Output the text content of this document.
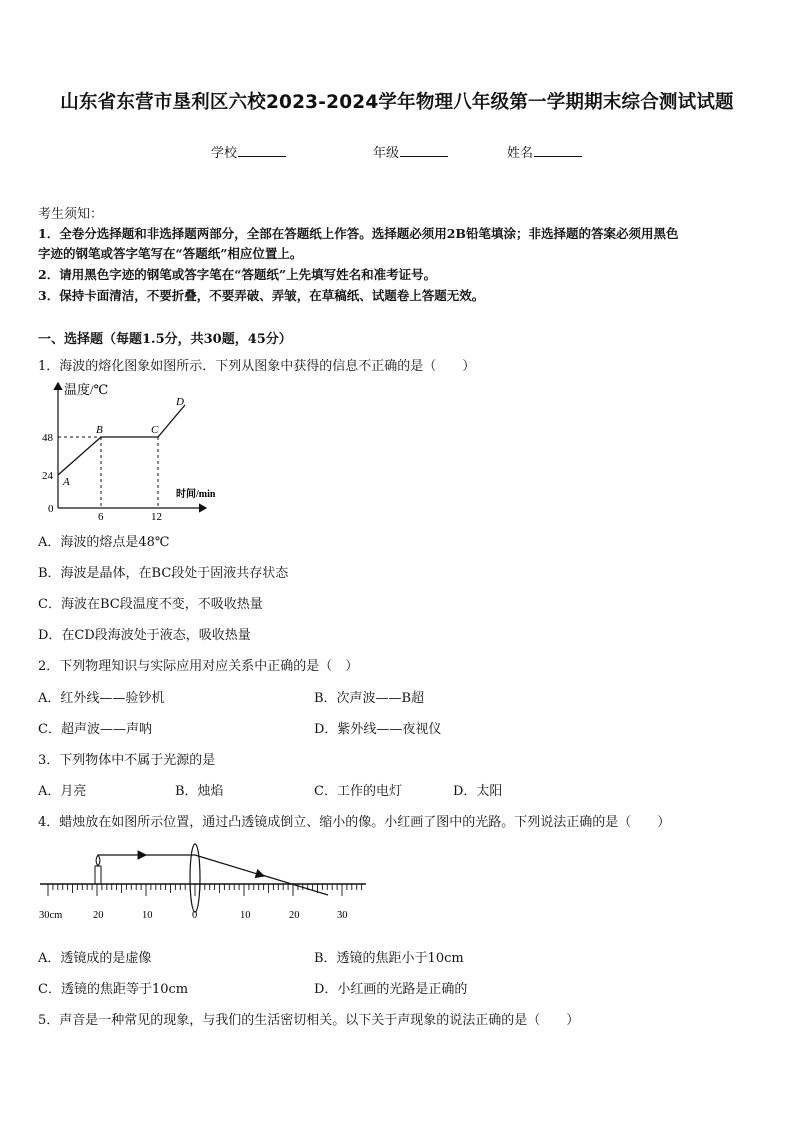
山东省东营市垦利区六校2023-2024学年物理八年级第一学期期末综合测试试题
学校	年级	姓名
考生须知：
1．全卷分选择题和非选择题两部分，全部在答题纸上作答。选择题必须用2B铅笔填涂；非选择题的答案必须用黑色
字迹的钢笔或答字笔写在“答题纸”相应位置上。
2．请用黑色字迹的钢笔或答字笔在“答题纸”上先填写姓名和准考证号。
3．保持卡面清洁，不要折叠，不要弄破、弄皱，在草稿纸、试题卷上答题无效。
一、选择题（每题1.5分，共30题，45分）
1．海波的熔化图象如图所示．下列从图象中获得的信息不正确的是（　　）
温度/℃
时间/min
48
24
0
6	12
A
B	C
D
A．海波的熔点是48℃
B．海波是晶体，在BC段处于固液共存状态
C．海波在BC段温度不变，不吸收热量
D．在CD段海波处于液态，吸收热量
2．下列物理知识与实际应用对应关系中正确的是（　）
A．红外线——验钞机	B．次声波——B超
C．超声波——声呐	D．紫外线——夜视仪
3．下列物体中不属于光源的是
A．月亮	B．烛焰	C．工作的电灯	D．太阳
4．蜡烛放在如图所示位置，通过凸透镜成倒立、缩小的像。小红画了图中的光路。下列说法正确的是（　　）
30cm	20	10	0	10	20	30
A．透镜成的是虚像	B．透镜的焦距小于10cm
C．透镜的焦距等于10cm	D．小红画的光路是正确的
5．声音是一种常见的现象，与我们的生活密切相关。以下关于声现象的说法正确的是（　　）
